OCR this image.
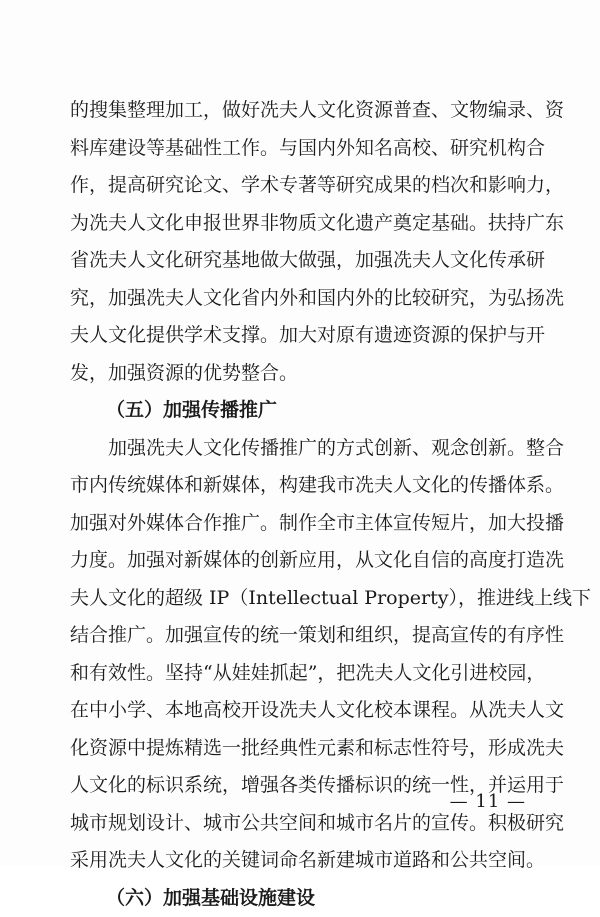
的搜集整理加工，做好冼夫人文化资源普查、文物编录、资
料库建设等基础性工作。与国内外知名高校、研究机构合
作，提高研究论文、学术专著等研究成果的档次和影响力，
为冼夫人文化申报世界非物质文化遗产奠定基础。扶持广东
省冼夫人文化研究基地做大做强，加强冼夫人文化传承研
究，加强冼夫人文化省内外和国内外的比较研究，为弘扬冼
夫人文化提供学术支撑。加大对原有遗迹资源的保护与开
发，加强资源的优势整合。
（五）加强传播推广
加强冼夫人文化传播推广的方式创新、观念创新。整合
市内传统媒体和新媒体，构建我市冼夫人文化的传播体系。
加强对外媒体合作推广。制作全市主体宣传短片，加大投播
力度。加强对新媒体的创新应用，从文化自信的高度打造冼
夫人文化的超级 IP（Intellectual Property），推进线上线下
结合推广。加强宣传的统一策划和组织，提高宣传的有序性
和有效性。坚持“从娃娃抓起”，把冼夫人文化引进校园，
在中小学、本地高校开设冼夫人文化校本课程。从冼夫人文
化资源中提炼精选一批经典性元素和标志性符号，形成冼夫
人文化的标识系统，增强各类传播标识的统一性，并运用于
城市规划设计、城市公共空间和城市名片的宣传。积极研究
采用冼夫人文化的关键词命名新建城市道路和公共空间。
（六）加强基础设施建设
— 11 —
